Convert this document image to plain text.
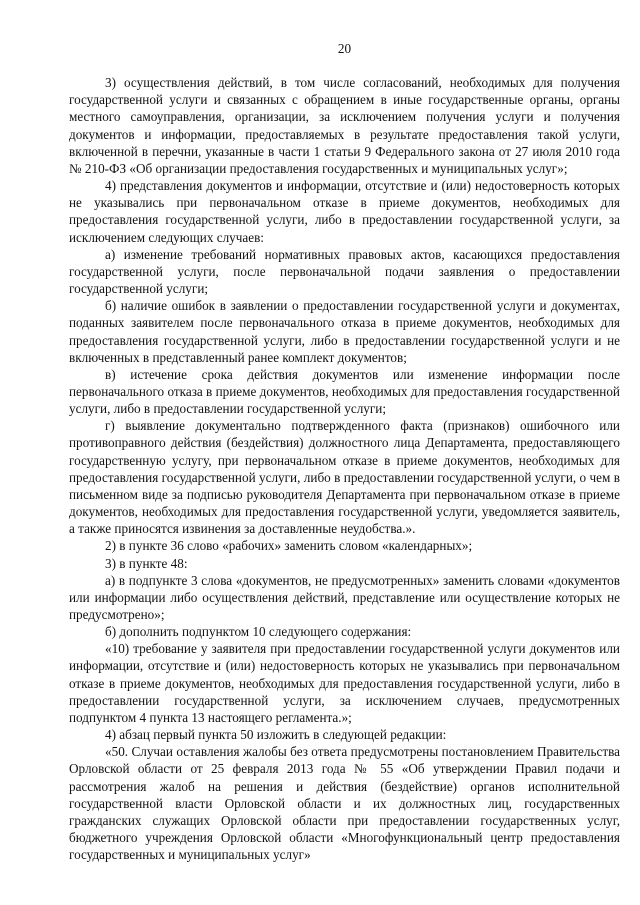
20

3) осуществления действий, в том числе согласований, необходимых для получения государственной услуги и связанных с обращением в иные государственные органы, органы местного самоуправления, организации, за исключением получения услуги и получения документов и информации, предоставляемых в результате предоставления такой услуги, включенной в перечни, указанные в части 1 статьи 9 Федерального закона от 27 июля 2010 года № 210-ФЗ «Об организации предоставления государственных и муниципальных услуг»;

4) представления документов и информации, отсутствие и (или) недостоверность которых не указывались при первоначальном отказе в приеме документов, необходимых для предоставления государственной услуги, либо в предоставлении государственной услуги, за исключением следующих случаев:

а) изменение требований нормативных правовых актов, касающихся предоставления государственной услуги, после первоначальной подачи заявления о предоставлении государственной услуги;

б) наличие ошибок в заявлении о предоставлении государственной услуги и документах, поданных заявителем после первоначального отказа в приеме документов, необходимых для предоставления государственной услуги, либо в предоставлении государственной услуги и не включенных в представленный ранее комплект документов;

в) истечение срока действия документов или изменение информации после первоначального отказа в приеме документов, необходимых для предоставления государственной услуги, либо в предоставлении государственной услуги;

г) выявление документально подтвержденного факта (признаков) ошибочного или противоправного действия (бездействия) должностного лица Департамента, предоставляющего государственную услугу, при первоначальном отказе в приеме документов, необходимых для предоставления государственной услуги, либо в предоставлении государственной услуги, о чем в письменном виде за подписью руководителя Департамента при первоначальном отказе в приеме документов, необходимых для предоставления государственной услуги, уведомляется заявитель, а также приносятся извинения за доставленные неудобства.».

2) в пункте 36 слово «рабочих» заменить словом «календарных»;

3) в пункте 48:

а) в подпункте 3 слова «документов, не предусмотренных» заменить словами «документов или информации либо осуществления действий, представление или осуществление которых не предусмотрено»;

б) дополнить подпунктом 10 следующего содержания:

«10) требование у заявителя при предоставлении государственной услуги документов или информации, отсутствие и (или) недостоверность которых не указывались при первоначальном отказе в приеме документов, необходимых для предоставления государственной услуги, либо в предоставлении государственной услуги, за исключением случаев, предусмотренных подпунктом 4 пункта 13 настоящего регламента.»;

4) абзац первый пункта 50 изложить в следующей редакции:

«50. Случаи оставления жалобы без ответа предусмотрены постановлением Правительства Орловской области от 25 февраля 2013 года № 55 «Об утверждении Правил подачи и рассмотрения жалоб на решения и действия (бездействие) органов исполнительной государственной власти Орловской области и их должностных лиц, государственных гражданских служащих Орловской области при предоставлении государственных услуг, бюджетного учреждения Орловской области «Многофункциональный центр предоставления государственных и муниципальных услуг»
